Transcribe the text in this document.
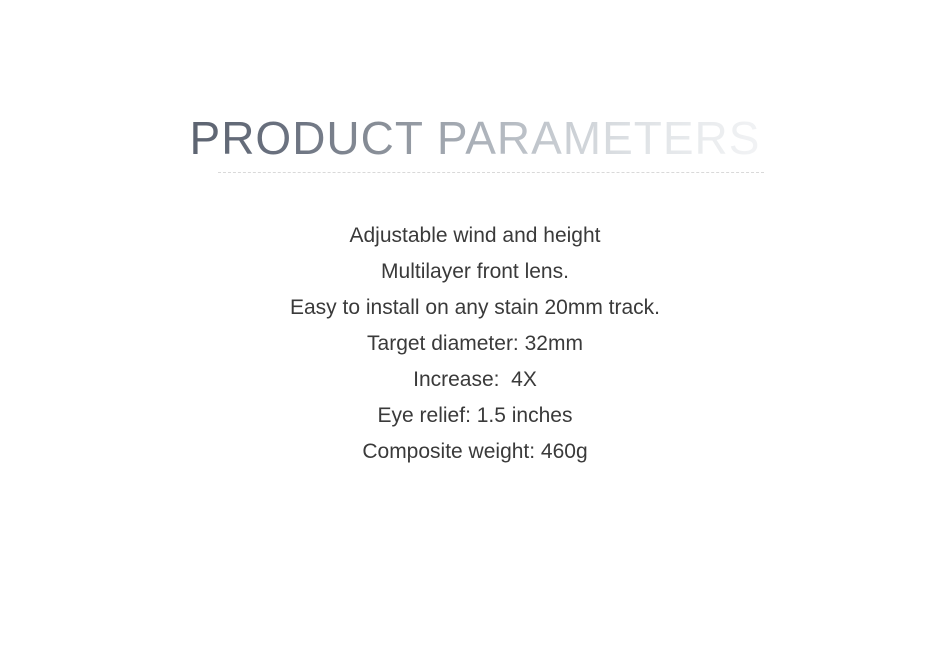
PRODUCT PARAMETERS
Adjustable wind and height
Multilayer front lens.
Easy to install on any stain 20mm track.
Target diameter: 32mm
Increase:  4X
Eye relief: 1.5 inches
Composite weight: 460g
